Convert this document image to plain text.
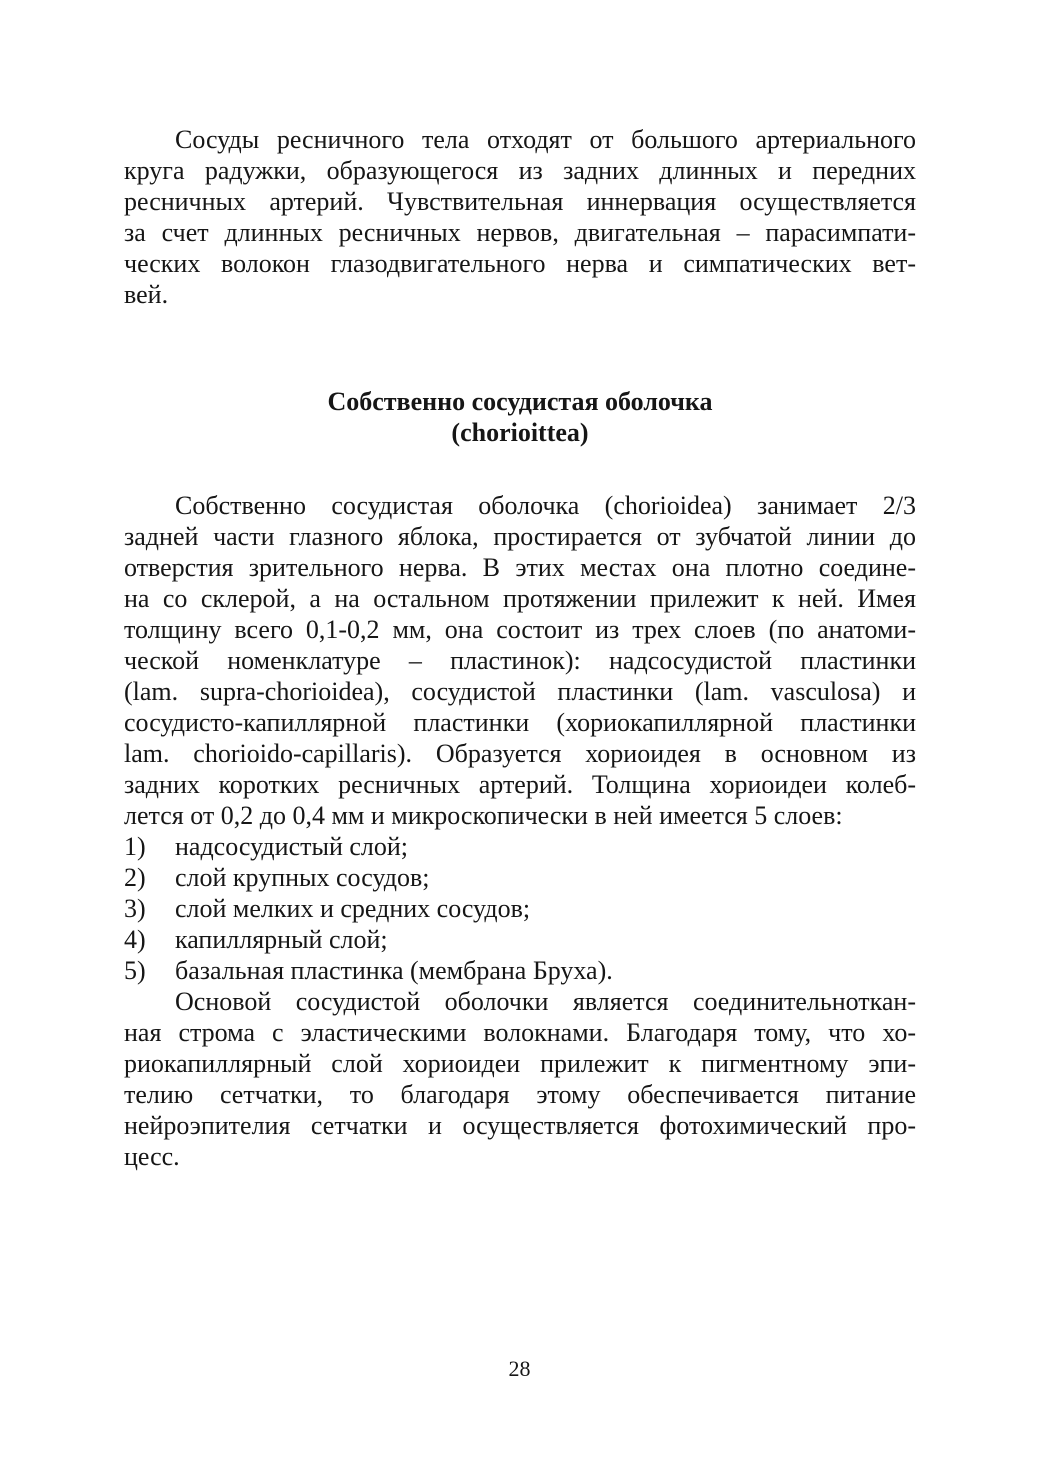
Сосуды ресничного тела отходят от большого артериального
круга радужки, образующегося из задних длинных и передних
ресничных артерий. Чувствительная иннервация осуществляется
за счет длинных ресничных нервов, двигательная – парасимпати-
ческих волокон глазодвигательного нерва и симпатических вет-
вей.
Собственно сосудистая оболочка
(chorioittea)
Собственно сосудистая оболочка (chorioidea) занимает 2/3
задней части глазного яблока, простирается от зубчатой линии до
отверстия зрительного нерва. В этих местах она плотно соедине-
на со склерой, а на остальном протяжении прилежит к ней. Имея
толщину всего 0,1-0,2 мм, она состоит из трех слоев (по анатоми-
ческой номенклатуре – пластинок): надсосудистой пластинки
(lam. supra-chorioidea), сосудистой пластинки (lam. vasculosa) и
сосудисто-капиллярной пластинки (хориокапиллярной пластинки
lam. chorioido-capillaris). Образуется хориоидея в основном из
задних коротких ресничных артерий. Толщина хориоидеи колеб-
лется от 0,2 до 0,4 мм и микроскопически в ней имеется 5 слоев:
1)	надсосудистый слой;
2)	слой крупных сосудов;
3)	слой мелких и средних сосудов;
4)	капиллярный слой;
5)	базальная пластинка (мембрана Бруха).
Основой сосудистой оболочки является соединительноткан-
ная строма с эластическими волокнами. Благодаря тому, что хо-
риокапиллярный слой хориоидеи прилежит к пигментному эпи-
телию сетчатки, то благодаря этому обеспечивается питание
нейроэпителия сетчатки и осуществляется фотохимический про-
цесс.
28
